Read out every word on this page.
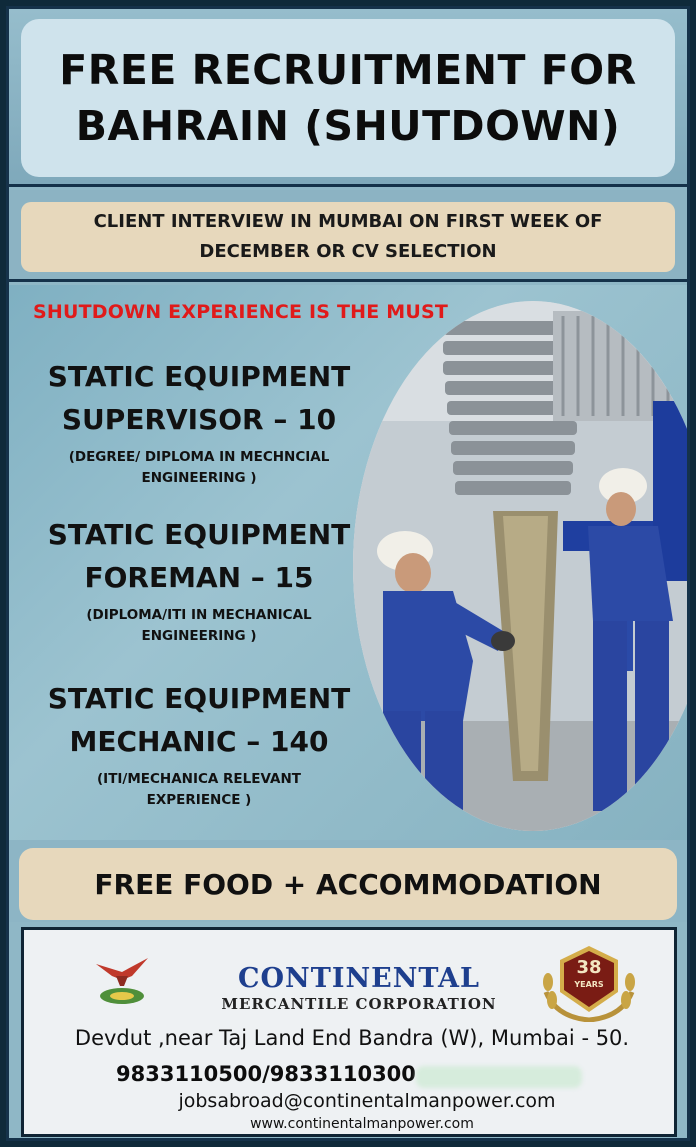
FREE RECRUITMENT FOR
BAHRAIN (SHUTDOWN)
CLIENT INTERVIEW IN MUMBAI ON FIRST WEEK OF
DECEMBER OR CV SELECTION
SHUTDOWN EXPERIENCE IS THE MUST
STATIC EQUIPMENT
SUPERVISOR – 10
(DEGREE/ DIPLOMA IN MECHNCIAL
ENGINEERING )
STATIC EQUIPMENT
FOREMAN – 15
(DIPLOMA/ITI IN MECHANICAL
ENGINEERING )
STATIC EQUIPMENT
MECHANIC – 140
(ITI/MECHANICA RELEVANT
EXPERIENCE )
FREE FOOD + ACCOMMODATION
CONTINENTAL
MERCANTILE CORPORATION
38
YEARS
Devdut ,near Taj Land End Bandra (W), Mumbai - 50.
9833110500/9833110300
jobsabroad@continentalmanpower.com
www.continentalmanpower.com
